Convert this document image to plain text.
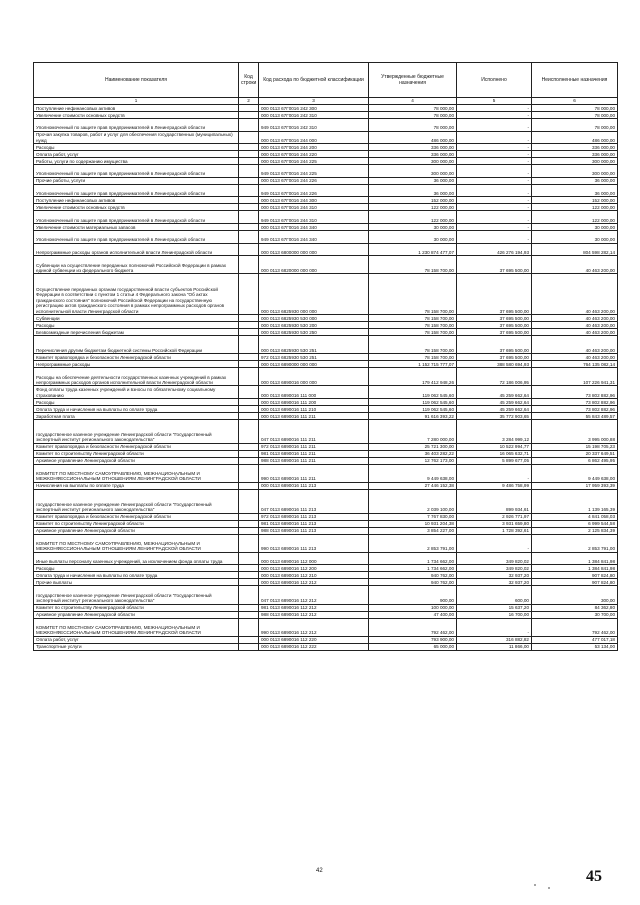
Наименование показателя	Код строки	Код расхода по бюджетной классификации	Утвержденные бюджетные назначения	Исполнено	Неисполненные назначения
1	2	3	4	5	6
Поступление нефинансовых активов		000 0113 67Г0016 242 300	78 000,00	-	78 000,00
Увеличение стоимости основных средств		000 0113 67Г0016 242 310	78 000,00	-	78 000,00
Уполномоченный по защите прав предпринимателей в Ленинградской области		949 0113 67Г0016 242 310	78 000,00	-	78 000,00
Прочая закупка товаров, работ и услуг для обеспечения государственных (муниципальных) нужд		000 0113 67Г0016 244 000	486 000,00	-	486 000,00
Расходы		000 0113 67Г0016 244 200	336 000,00	-	336 000,00
Оплата работ, услуг		000 0113 67Г0016 244 220	336 000,00	-	336 000,00
Работы, услуги по содержанию имущества		000 0113 67Г0016 244 225	300 000,00	-	300 000,00
Уполномоченный по защите прав предпринимателей в Ленинградской области		949 0113 67Г0016 244 225	300 000,00	-	300 000,00
Прочие работы, услуги		000 0113 67Г0016 244 226	36 000,00	-	36 000,00
Уполномоченный по защите прав предпринимателей в Ленинградской области		949 0113 67Г0016 244 226	36 000,00	-	36 000,00
Поступление нефинансовых активов		000 0113 67Г0016 244 300	152 000,00	-	152 000,00
Увеличение стоимости основных средств		000 0113 67Г0016 244 310	122 000,00	-	122 000,00
Уполномоченный по защите прав предпринимателей в Ленинградской области		949 0113 67Г0016 244 310	122 000,00	-	122 000,00
Увеличение стоимости материальных запасов		000 0113 67Г0016 244 340	30 000,00	-	30 000,00
Уполномоченный по защите прав предпринимателей в Ленинградской области		949 0113 67Г0016 244 340	30 000,00	-	30 000,00
Непрограммные расходы органов исполнительной власти Ленинградской области		000 0113 6800000 000 000	1 230 874 477,07	426 276 194,93	804 598 282,14
Субвенции на осуществление переданных полномочий Российской Федерации в рамках единой субвенции из федерального бюджета		000 0113 6820000 000 000	78 158 700,00	37 695 500,00	40 463 200,00
Осуществление переданных органам государственной власти субъектов Российской Федерации в соответствии с пунктом 1 статьи 4 Федерального закона "Об актах гражданского состояния" полномочий Российской Федерации на государственную регистрацию актов гражданского состояния в рамках непрограммных расходов органов исполнительной власти Ленинградской области		000 0113 6825930 000 000	78 158 700,00	37 695 500,00	40 463 200,00
Субвенции		000 0113 6825930 530 000	78 158 700,00	37 695 500,00	40 463 200,00
Расходы		000 0113 6825930 530 200	78 158 700,00	37 695 500,00	40 463 200,00
Безвозмездные перечисления бюджетам		000 0113 6825930 530 250	78 158 700,00	37 695 500,00	40 463 200,00
Перечисления другим бюджетам бюджетной системы Российской Федерации		000 0113 6825930 530 251	78 158 700,00	37 695 500,00	40 463 200,00
Комитет правопорядка и безопасности Ленинградской области		972 0113 6825930 530 251	78 158 700,00	37 695 500,00	40 463 200,00
Непрограммные расходы		000 0113 6890000 000 000	1 152 715 777,07	388 580 694,93	764 135 082,14
Расходы на обеспечение деятельности государственных казенных учреждений в рамках непрограммных расходов органов исполнительной власти Ленинградской области		000 0113 6890016 000 000	179 412 948,26	72 186 006,95	107 226 941,31
Фонд оплаты труда казенных учреждений и взносы по обязательному социальному страхованию		000 0113 6890016 111 000	119 062 545,60	45 259 662,64	73 802 882,96
Расходы		000 0113 6890016 111 200	119 062 545,60	45 259 662,64	73 802 882,96
Оплата труда и начисления на выплаты по оплате труда		000 0113 6890016 111 210	119 062 545,60	45 259 662,64	73 802 882,96
Заработная плата		000 0113 6890016 111 211	91 616 393,22	35 772 903,65	55 843 489,57
государственное казенное учреждение Ленинградской области "Государственный экспертный институт регионального законодательства"		047 0113 6890016 111 211	7 280 000,00	3 284 999,12	3 995 000,88
Комитет правопорядка и безопасности Ленинградской области		972 0113 6890016 111 211	25 721 300,00	10 522 994,77	15 198 705,23
Комитет по строительству Ленинградской области		981 0113 6890016 111 211	36 403 282,22	16 065 632,71	20 337 649,51
Архивное управление Ленинградской области		988 0113 6890016 111 211	12 762 173,00	5 899 677,05	6 862 495,95
КОМИТЕТ ПО МЕСТНОМУ САМОУПРАВЛЕНИЮ, МЕЖНАЦИОНАЛЬНЫМ И МЕЖКОНФЕССИОНАЛЬНЫМ ОТНОШЕНИЯМ ЛЕНИНГРАДСКОЙ ОБЛАСТИ		990 0113 6890016 111 211	9 449 638,00	-	9 449 638,00
Начисления на выплаты по оплате труда		000 0113 6890016 111 213	27 446 152,38	9 486 758,99	17 959 393,39
государственное казенное учреждение Ленинградской области "Государственный экспертный институт регионального законодательства"		047 0113 6890016 111 213	2 039 100,00	899 934,61	1 139 165,39
Комитет правопорядка и безопасности Ленинградской области		972 0113 6890016 111 213	7 767 830,00	2 926 771,97	4 841 058,03
Комитет по строительству Ленинградской области		981 0113 6890016 111 213	10 931 204,38	3 931 659,80	6 999 544,58
Архивное управление Ленинградской области		988 0113 6890016 111 213	3 854 227,00	1 728 392,61	2 125 834,39
КОМИТЕТ ПО МЕСТНОМУ САМОУПРАВЛЕНИЮ, МЕЖНАЦИОНАЛЬНЫМ И МЕЖКОНФЕССИОНАЛЬНЫМ ОТНОШЕНИЯМ ЛЕНИНГРАДСКОЙ ОБЛАСТИ		990 0113 6890016 111 213	2 853 791,00	-	2 853 791,00
Иные выплаты персоналу казенных учреждений, за исключением фонда оплаты труда		000 0113 6890016 112 000	1 734 662,00	349 820,02	1 384 841,98
Расходы		000 0113 6890016 112 200	1 734 662,00	349 820,02	1 384 841,98
Оплата труда и начисления на выплаты по оплате труда		000 0113 6890016 112 210	940 762,00	32 937,20	907 824,80
Прочие выплаты		000 0113 6890016 112 212	940 762,00	32 937,20	907 824,80
государственное казенное учреждение Ленинградской области "Государственный экспертный институт регионального законодательства"		047 0113 6890016 112 212	900,00	600,00	300,00
Комитет по строительству Ленинградской области		981 0113 6890016 112 212	100 000,00	15 637,20	84 362,80
Архивное управление Ленинградской области		988 0113 6890016 112 212	47 400,00	16 700,00	30 700,00
КОМИТЕТ ПО МЕСТНОМУ САМОУПРАВЛЕНИЮ, МЕЖНАЦИОНАЛЬНЫМ И МЕЖКОНФЕССИОНАЛЬНЫМ ОТНОШЕНИЯМ ЛЕНИНГРАДСКОЙ ОБЛАСТИ		990 0113 6890016 112 212	792 462,00	-	792 462,00
Оплата работ, услуг		000 0113 6890016 112 220	793 900,00	316 882,82	477 017,18
Транспортные услуги		000 0113 6890016 112 222	65 000,00	11 866,00	53 134,00
42	45
